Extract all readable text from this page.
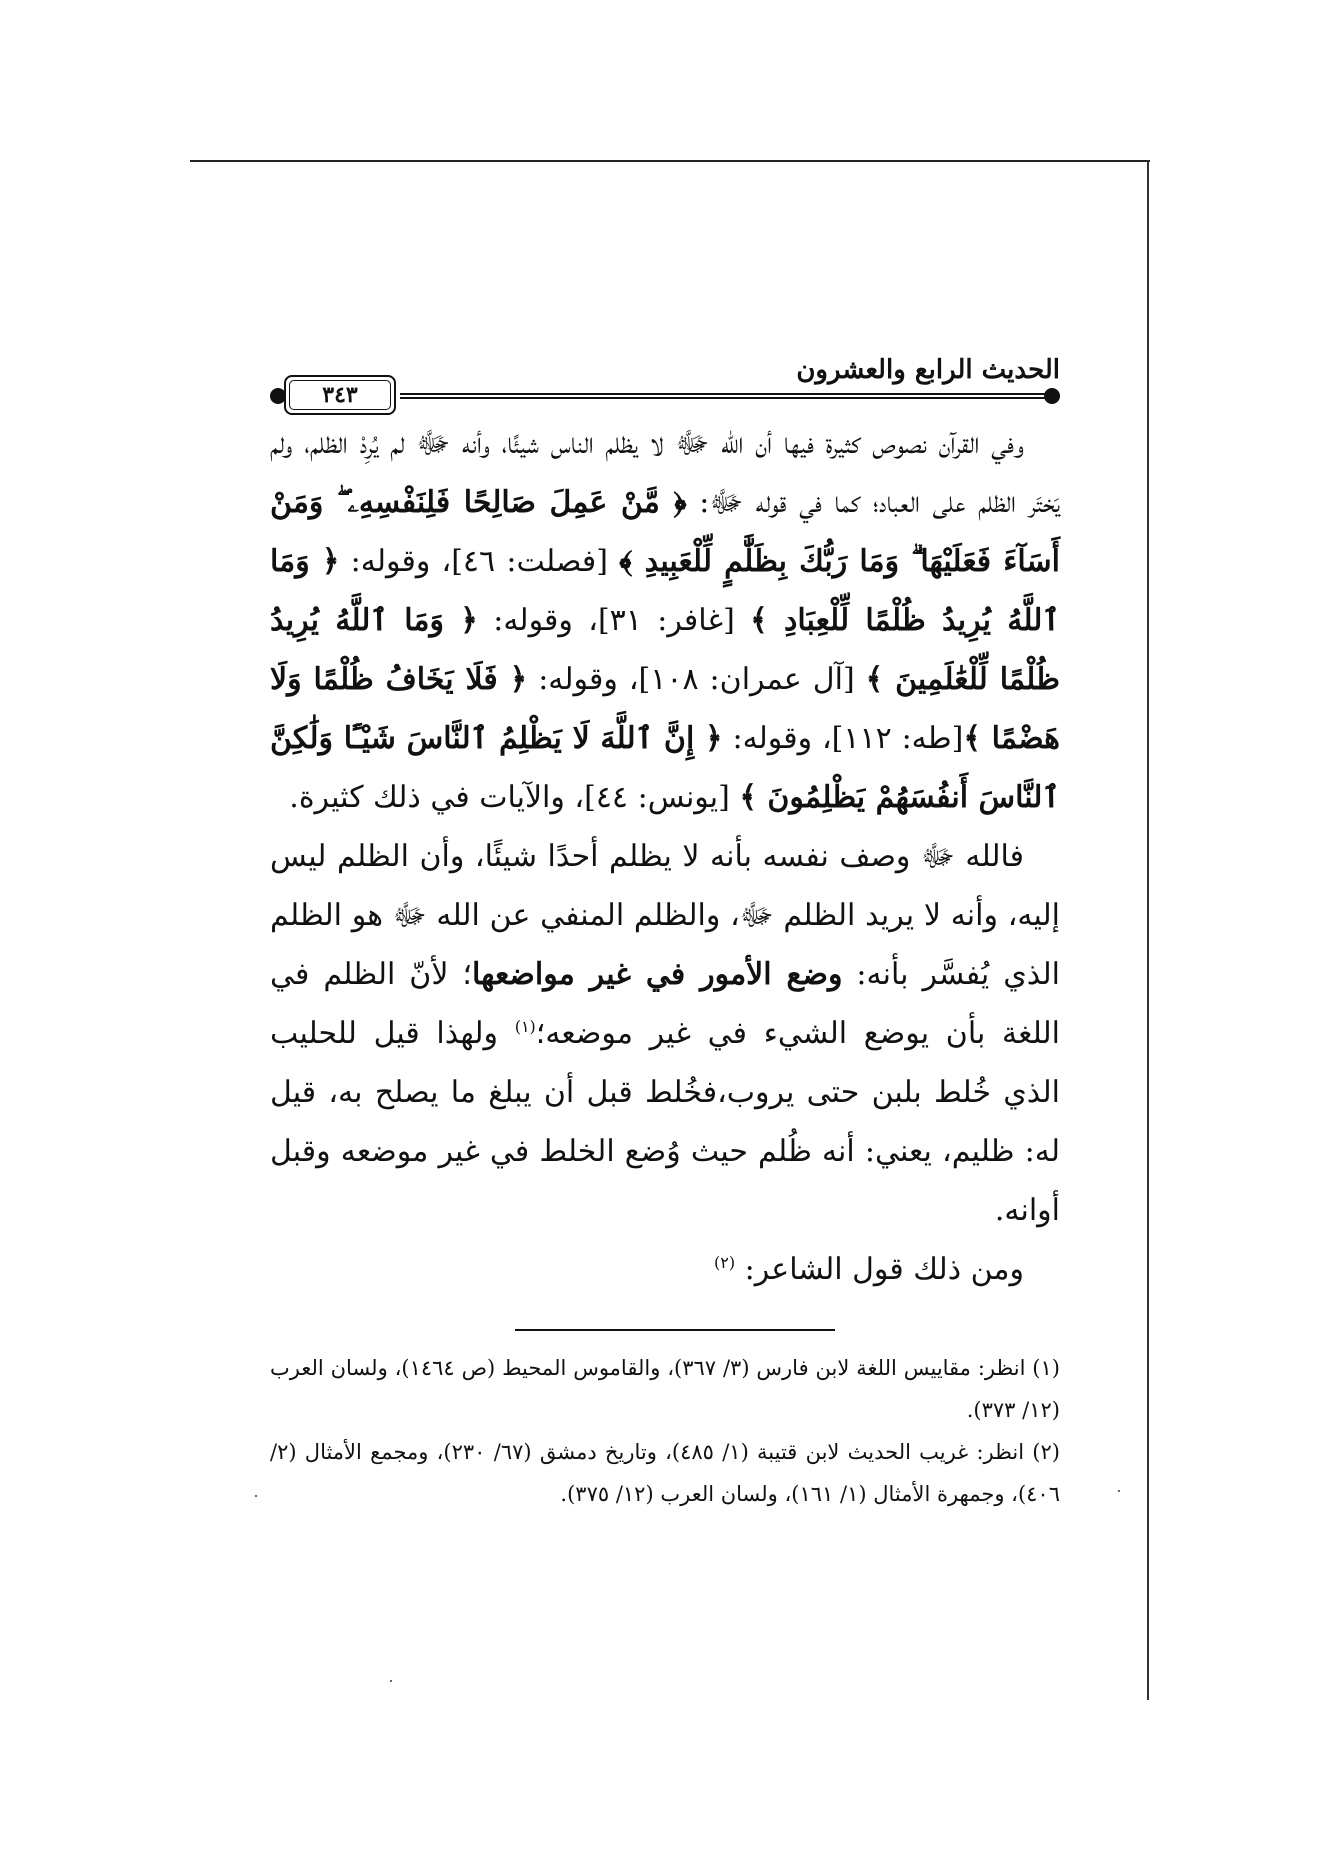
الحديث الرابع والعشرون
٣٤٣

وفي القرآن نصوص كثيرة فيها أن الله ﷻ لا يظلم الناس شيئًا، وأنه ﷻ لم يُرِدْ الظلم، ولم يَختَر الظلم على العباد؛ كما في قوله ﷻ: ﴿ مَّنْ عَمِلَ صَالِحًا فَلِنَفْسِهِۦ ۖ وَمَنْ أَسَآءَ فَعَلَيْهَا ۗ وَمَا رَبُّكَ بِظَلَّٰمٍ لِّلْعَبِيدِ ﴾ [فصلت: ٤٦]، وقوله: ﴿ وَمَا ٱللَّهُ يُرِيدُ ظُلْمًا لِّلْعِبَادِ ﴾ [غافر: ٣١]، وقوله: ﴿ وَمَا ٱللَّهُ يُرِيدُ ظُلْمًا لِّلْعَٰلَمِينَ ﴾ [آل عمران: ١٠٨]، وقوله: ﴿ فَلَا يَخَافُ ظُلْمًا وَلَا هَضْمًا ﴾[طه: ١١٢]، وقوله: ﴿ إِنَّ ٱللَّهَ لَا يَظْلِمُ ٱلنَّاسَ شَيْـًٔا وَلَٰكِنَّ ٱلنَّاسَ أَنفُسَهُمْ يَظْلِمُونَ ﴾ [يونس: ٤٤]، والآيات في ذلك كثيرة.

فالله ﷻ وصف نفسه بأنه لا يظلم أحدًا شيئًا، وأن الظلم ليس إليه، وأنه لا يريد الظلم ﷻ، والظلم المنفي عن الله ﷻ هو الظلم الذي يُفسَّر بأنه: وضع الأمور في غير مواضعها؛ لأنّ الظلم في اللغة بأن يوضع الشيء في غير موضعه؛$^{(١)}$ ولهذا قيل للحليب الذي خُلط بلبن حتى يروب،فخُلط قبل أن يبلغ ما يصلح به، قيل له: ظليم، يعني: أنه ظُلم حيث وُضع الخلط في غير موضعه وقبل أوانه.

ومن ذلك قول الشاعر: $^{(٢)}$

(١) انظر: مقاييس اللغة لابن فارس (٣/ ٣٦٧)، والقاموس المحيط (ص ١٤٦٤)، ولسان العرب (١٢/ ٣٧٣).

(٢) انظر: غريب الحديث لابن قتيبة (١/ ٤٨٥)، وتاريخ دمشق (٦٧/ ٢٣٠)، ومجمع الأمثال (٢/ ٤٠٦)، وجمهرة الأمثال (١/ ١٦١)، ولسان العرب (١٢/ ٣٧٥).
